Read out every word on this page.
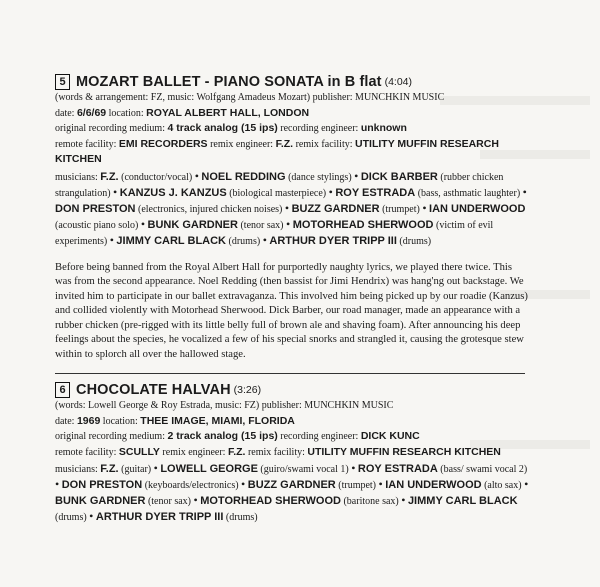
5 MOZART BALLET - PIANO SONATA in B flat (4:04)
(words & arrangement: FZ, music: Wolfgang Amadeus Mozart) publisher: MUNCHKIN MUSIC
date: 6/6/69 location: ROYAL ALBERT HALL, LONDON
original recording medium: 4 track analog (15 ips) recording engineer: unknown
remote facility: EMI RECORDERS remix engineer: F.Z. remix facility: UTILITY MUFFIN RESEARCH KITCHEN
musicians: F.Z. (conductor/vocal) • NOEL REDDING (dance stylings) • DICK BARBER (rubber chicken strangulation) • KANZUS J. KANZUS (biological masterpiece) • ROY ESTRADA (bass, asthmatic laughter) • DON PRESTON (electronics, injured chicken noises) • BUZZ GARDNER (trumpet) • IAN UNDERWOOD (acoustic piano solo) • BUNK GARDNER (tenor sax) • MOTORHEAD SHERWOOD (victim of evil experiments) • JIMMY CARL BLACK (drums) • ARTHUR DYER TRIPP III (drums)

Before being banned from the Royal Albert Hall for purportedly naughty lyrics, we played there twice. This was from the second appearance. Noel Redding (then bassist for Jimi Hendrix) was hang'ng out backstage. We invited him to participate in our ballet extravaganza. This involved him being picked up by our roadie (Kanzus) and collided violently with Motorhead Sherwood. Dick Barber, our road manager, made an appearance with a rubber chicken (pre-rigged with its little belly full of brown ale and shaving foam). After announcing his deep feelings about the species, he vocalized a few of his special snorks and strangled it, causing the grotesque stew within to splorch all over the hallowed stage.

6 CHOCOLATE HALVAH (3:26)
(words: Lowell George & Roy Estrada, music: FZ) publisher: MUNCHKIN MUSIC
date: 1969 location: THEE IMAGE, MIAMI, FLORIDA
original recording medium: 2 track analog (15 ips) recording engineer: DICK KUNC
remote facility: SCULLY remix engineer: F.Z. remix facility: UTILITY MUFFIN RESEARCH KITCHEN
musicians: F.Z. (guitar) • LOWELL GEORGE (guiro/swami vocal 1) • ROY ESTRADA (bass/ swami vocal 2) • DON PRESTON (keyboards/electronics) • BUZZ GARDNER (trumpet) • IAN UNDERWOOD (alto sax) • BUNK GARDNER (tenor sax) • MOTORHEAD SHERWOOD (baritone sax) • JIMMY CARL BLACK (drums) • ARTHUR DYER TRIPP III (drums)
